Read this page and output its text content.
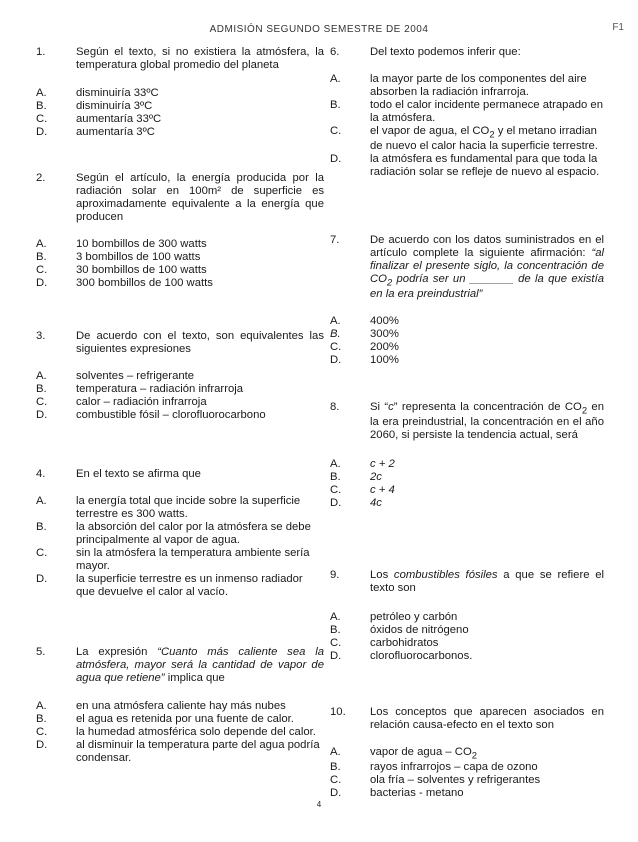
ADMISIÓN SEGUNDO SEMESTRE DE 2004	F1
1.	Según el texto, si no existiera la atmósfera, la temperatura global promedio del planeta
A.	disminuiría 33ºC
B.	disminuiría 3ºC
C.	aumentaría 33ºC
D.	aumentaría 3ºC
2.	Según el artículo, la energía producida por la radiación solar en 100m² de superficie es aproximadamente equivalente a la energía que producen
A.	10 bombillos de 300 watts
B.	3 bombillos de 100 watts
C.	30 bombillos de 100 watts
D.	300 bombillos de 100 watts
3.	De acuerdo con el texto, son equivalentes las siguientes expresiones
A.	solventes – refrigerante
B.	temperatura – radiación infrarroja
C.	calor – radiación infrarroja
D.	combustible fósil – clorofluorocarbono
4.	En el texto se afirma que
A.	la energía total que incide sobre la superficie terrestre es 300 watts.
B.	la absorción del calor por la atmósfera se debe principalmente al vapor de agua.
C.	sin la atmósfera la temperatura ambiente sería mayor.
D.	la superficie terrestre es un inmenso radiador que devuelve el calor al vacío.
5.	La expresión “Cuanto más caliente sea la atmósfera, mayor será la cantidad de vapor de agua que retiene” implica que
A.	en una atmósfera caliente hay más nubes
B.	el agua es retenida por una fuente de calor.
C.	la humedad atmosférica solo depende del calor.
D.	al disminuir la temperatura parte del agua podría condensar.
6.	Del texto podemos inferir que:
A.	la mayor parte de los componentes del aire absorben la radiación infrarroja.
B.	todo el calor incidente permanece atrapado en la atmósfera.
C.	el vapor de agua, el $CO_2$ y el metano irradian de nuevo el calor hacia la superficie terrestre.
D.	la atmósfera es fundamental para que toda la radiación solar se refleje de nuevo al espacio.
7.	De acuerdo con los datos suministrados en el artículo complete la siguiente afirmación: “al finalizar el presente siglo, la concentración de $CO_2$ podría ser un _______ de la que existía en la era preindustrial”
A.	400%
B.	300%
C.	200%
D.	100%
8.	Si “c” representa la concentración de $CO_2$ en la era preindustrial, la concentración en el año 2060, si persiste la tendencia actual, será
A.	c + 2
B.	2c
C.	c + 4
D.	4c
9.	Los combustibles fósiles a que se refiere el texto son
A.	petróleo y carbón
B.	óxidos de nitrógeno
C.	carbohidratos
D.	clorofluorocarbonos.
10.	Los conceptos que aparecen asociados en relación causa-efecto en el texto son
A.	vapor de agua – $CO_2$
B.	rayos infrarrojos – capa de ozono
C.	ola fría – solventes y refrigerantes
D.	bacterias - metano
4
